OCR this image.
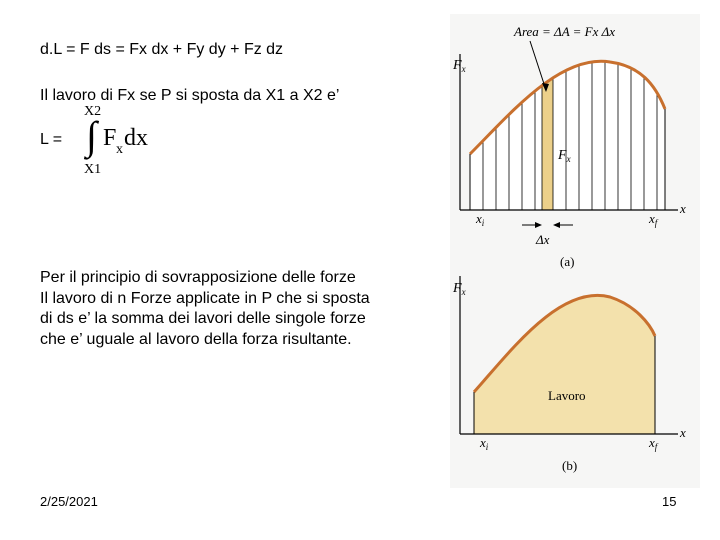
d.L = F ds = Fx dx + Fy dy + Fz dz
Il lavoro di Fx se P si sposta da X1 a X2 e’
L =
X2
∫
X1
F x dx
Per il principio di sovrapposizione delle forze
Il lavoro di n Forze applicate in P che si sposta
di ds e’ la somma dei lavori delle singole forze
che e’ uguale al lavoro della forza risultante.
Area = ΔA = Fx Δx
$F_x$
x
$x_i$	$x_f$
$F_x$
Δx
(a)
$F_x$
x
$x_i$	$x_f$
Lavoro
(b)
2/25/2021	15
